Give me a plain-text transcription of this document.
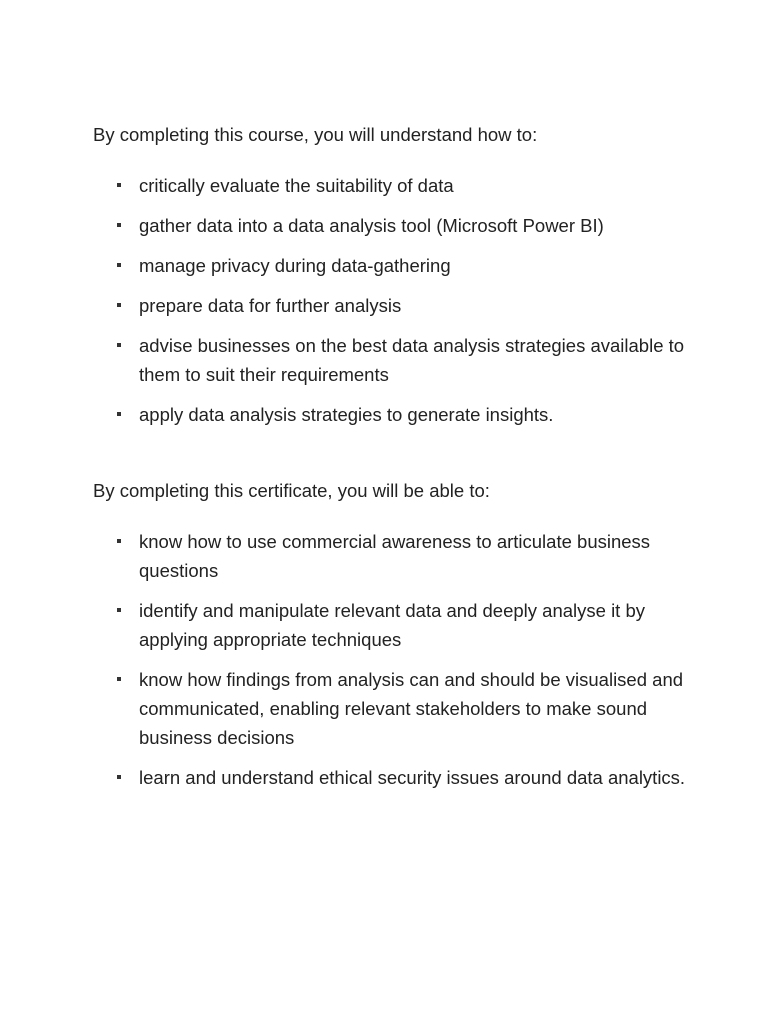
By completing this course, you will understand how to:

critically evaluate the suitability of data
gather data into a data analysis tool (Microsoft Power BI)
manage privacy during data-gathering
prepare data for further analysis
advise businesses on the best data analysis strategies available to  them to suit their requirements
apply data analysis strategies to generate insights.

By completing this certificate, you will be able to:

know how to use commercial awareness to articulate business questions
identify and manipulate relevant data and deeply analyse it by applying appropriate techniques
know how findings from analysis can and should be visualised and communicated, enabling relevant stakeholders to make sound business decisions
learn and understand ethical security issues around data analytics.
